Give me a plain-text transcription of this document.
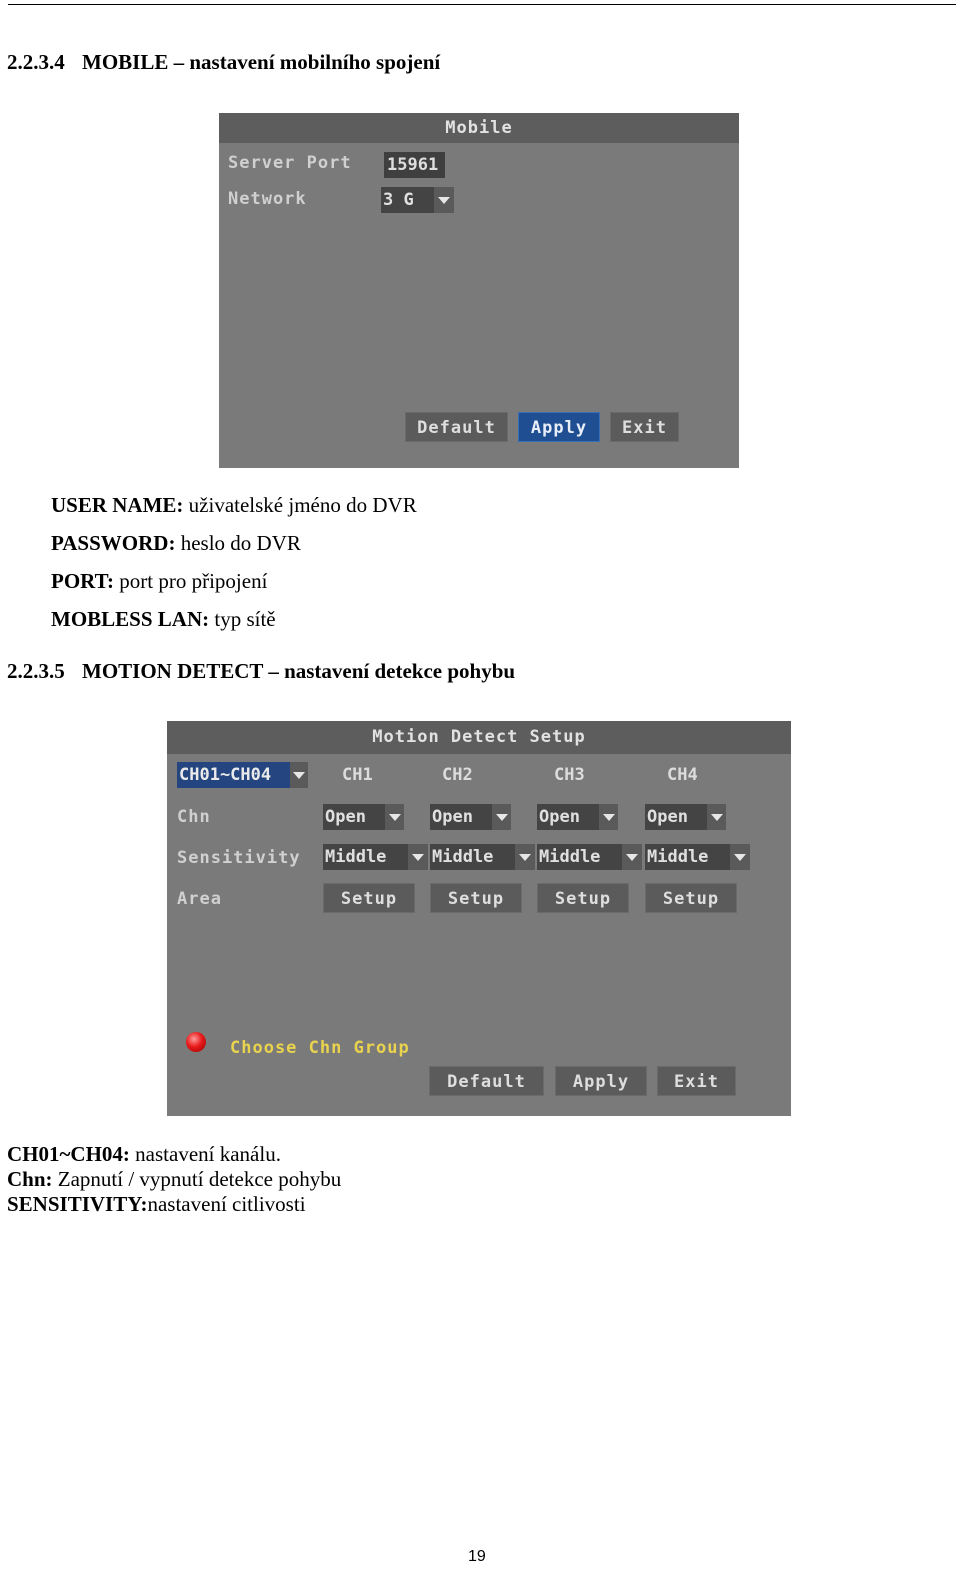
2.2.3.4 MOBILE – nastavení mobilního spojení
Mobile
Server Port 15961
Network	3 G
Default	Apply	Exit
USER NAME: uživatelské jméno do DVR
PASSWORD: heslo do DVR
PORT: port pro připojení
MOBLESS LAN: typ sítě
2.2.3.5 MOTION DETECT – nastavení detekce pohybu
Motion Detect Setup
CH01~CH04	CH1	CH2	CH3	CH4
Chn	Open	Open	Open	Open
Sensitivity Middle	Middle	Middle	Middle
Area	Setup	Setup	Setup	Setup
Choose Chn Group
Default	Apply	Exit
CH01~CH04: nastavení kanálu.
Chn: Zapnutí / vypnutí detekce pohybu
SENSITIVITY:nastavení citlivosti
19
